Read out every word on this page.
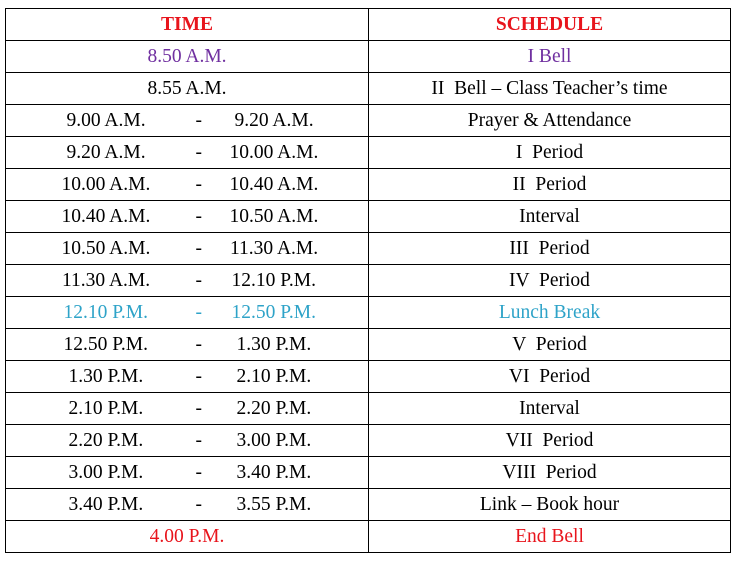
TIME	SCHEDULE
8.50 A.M.	I Bell
8.55 A.M.	II  Bell – Class Teacher’s time

9.00 A.M. - 9.20 A.M.	Prayer & Attendance

9.20 A.M. - 10.00 A.M.	I  Period

10.00 A.M. - 10.40 A.M.	II  Period

10.40 A.M. - 10.50 A.M.	Interval

10.50 A.M. - 11.30 A.M.	III  Period

11.30 A.M. - 12.10 P.M.	IV  Period

12.10 P.M. - 12.50 P.M.	Lunch Break

12.50 P.M. - 1.30 P.M.	V  Period

1.30 P.M. - 2.10 P.M.	VI  Period

2.10 P.M. - 2.20 P.M.	Interval

2.20 P.M. - 3.00 P.M.	VII  Period

3.00 P.M. - 3.40 P.M.	VIII  Period

3.40 P.M. - 3.55 P.M.	Link – Book hour
4.00 P.M.	End Bell
